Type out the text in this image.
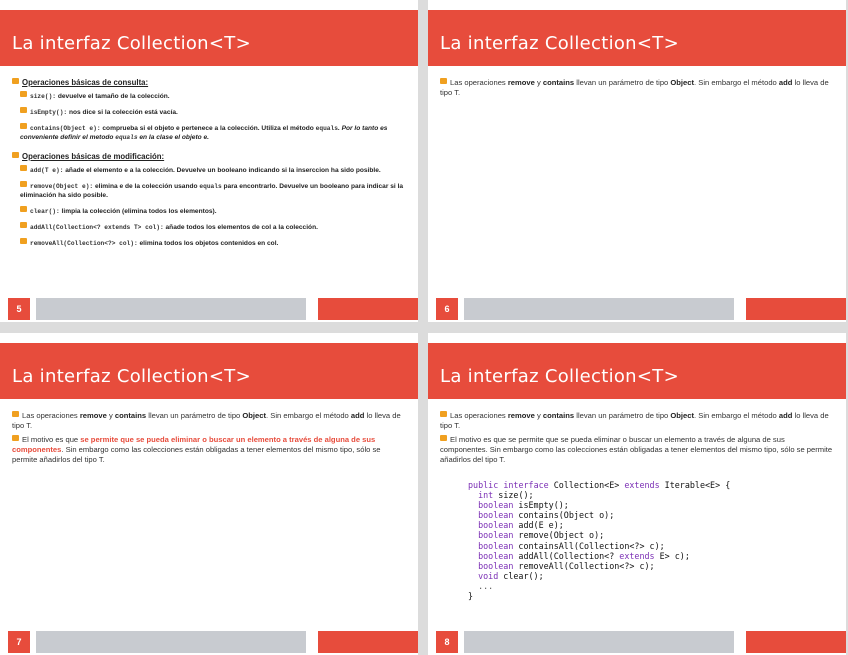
La interfaz Collection<T>
Operaciones básicas de consulta:
size(): devuelve el tamaño de la colección.
isEmpty(): nos dice si la colección está vacía.
contains(Object e): comprueba si el objeto e pertenece a la colección. Utiliza el método equals. Por lo tanto es conveniente definir el metodo equals en la clase el objeto e.
Operaciones básicas de modificación:
add(T e): añade el elemento e a la colección. Devuelve un booleano indicando si la inserccion ha sido posible.
remove(Object e): elimina e de la colección usando equals para encontrarlo. Devuelve un booleano para indicar si la eliminación ha sido posible.
clear(): limpia la colección (elimina todos los elementos).
addAll(Collection<? extends T> col): añade todos los elementos de col a la colección.
removeAll(Collection<?> col): elimina todos los objetos contenidos en col.
5
La interfaz Collection<T>
Las operaciones remove y contains llevan un parámetro de tipo Object. Sin embargo el método add lo lleva de tipo T.
6
La interfaz Collection<T>
Las operaciones remove y contains llevan un parámetro de tipo Object. Sin embargo el método add lo lleva de tipo T.
El motivo es que se permite que se pueda eliminar o buscar un elemento a través de alguna de sus componentes. Sin embargo como las colecciones están obligadas a tener elementos del mismo tipo, sólo se permite añadirlos del tipo T.
7
La interfaz Collection<T>
Las operaciones remove y contains llevan un parámetro de tipo Object. Sin embargo el método add lo lleva de tipo T.
El motivo es que se permite que se pueda eliminar o buscar un elemento a través de alguna de sus componentes. Sin embargo como las colecciones están obligadas a tener elementos del mismo tipo, sólo se permite añadirlos del tipo T.
public interface Collection<E> extends Iterable<E> {
int size();
boolean isEmpty();
boolean contains(Object o);
boolean add(E e);
boolean remove(Object o);
boolean containsAll(Collection<?> c);
boolean addAll(Collection<? extends E> c);
boolean removeAll(Collection<?> c);
void clear();
...
}
8
